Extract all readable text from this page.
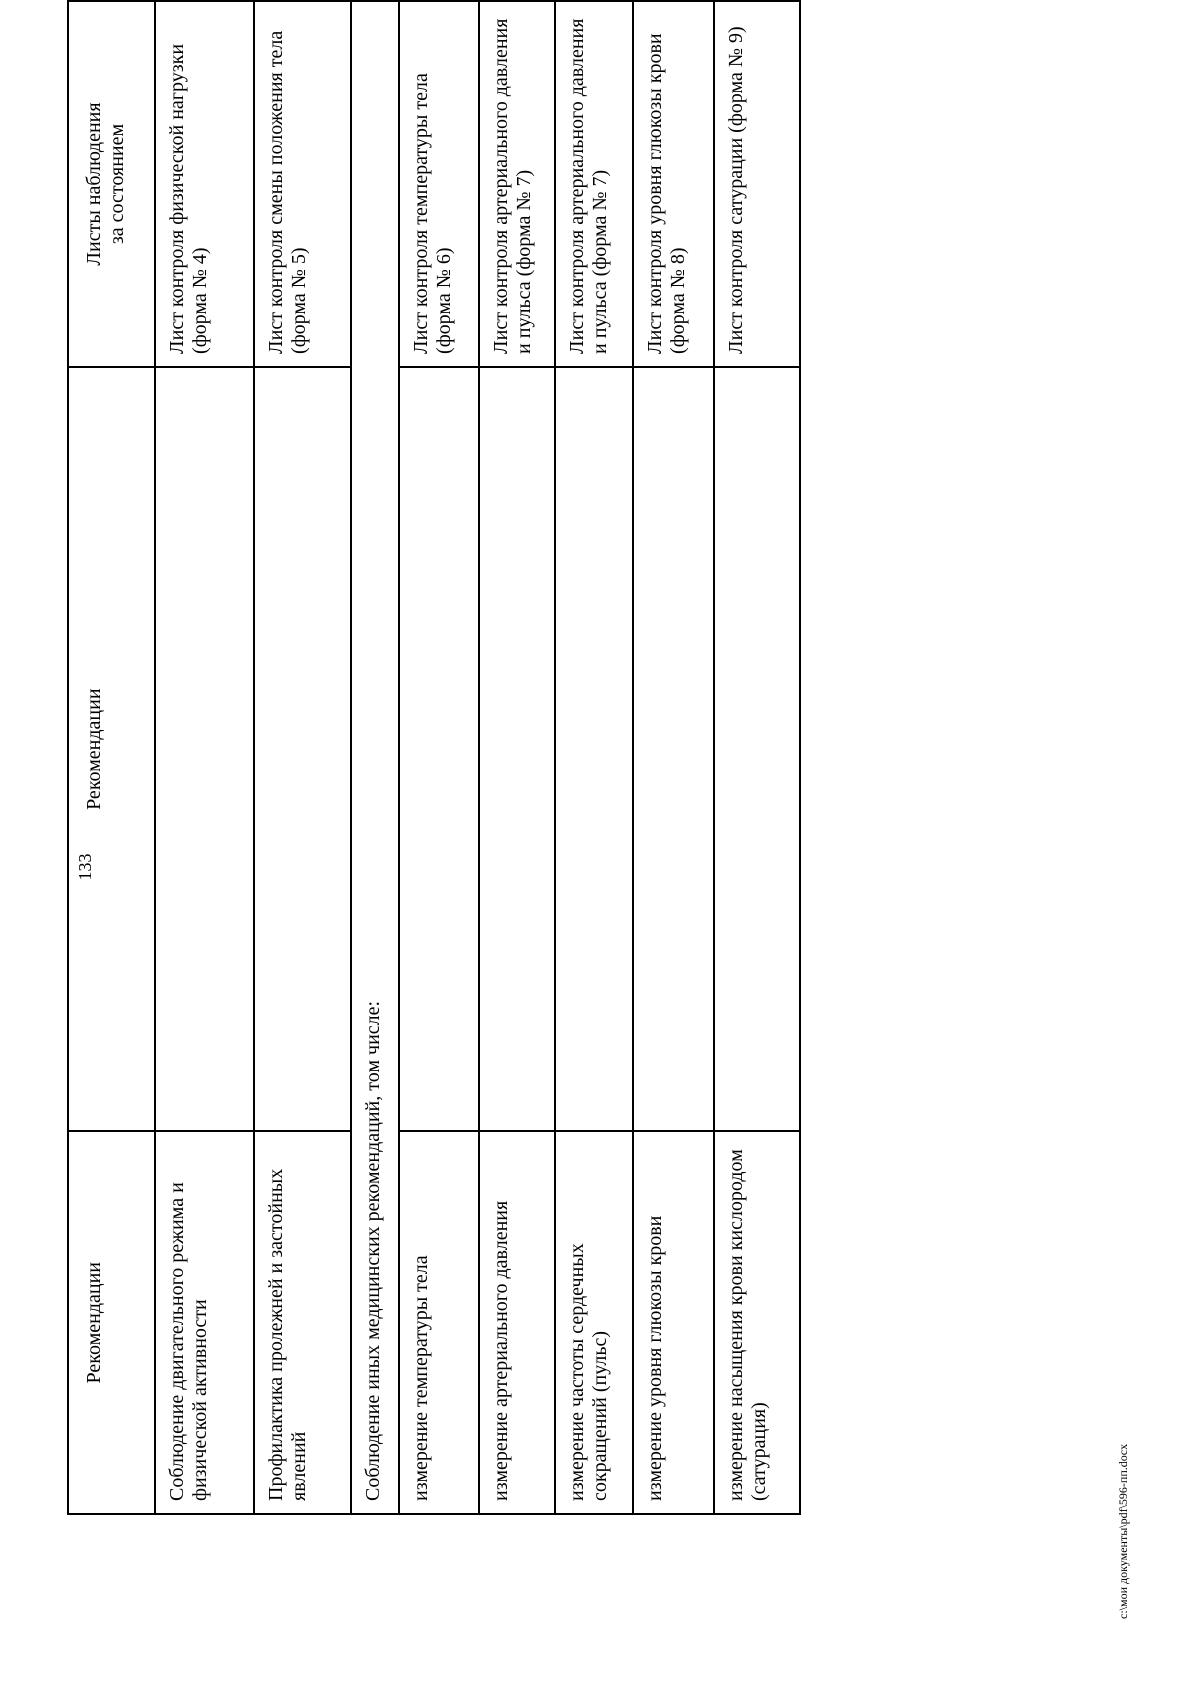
133
Рекомендации	Рекомендации	Листы наблюдения
за состоянием
Соблюдение двигательного режима и физической активности		Лист контроля физической нагрузки (форма № 4)
Профилактика пролежней и застойных явлений		Лист контроля смены положения тела (форма № 5)
Соблюдение иных медицинских рекомендаций, том числе:		
измерение температуры тела		Лист контроля температуры тела (форма № 6)
измерение артериального давления		Лист контроля артериального давления и пульса (форма № 7)
измерение частоты сердечных сокращений (пульс)		Лист контроля артериального давления и пульса (форма № 7)
измерение уровня глюкозы крови		Лист контроля уровня глюкозы крови (форма № 8)
измерение насыщения крови кислородом (сатурация)		Лист контроля сатурации (форма № 9)
c:\мои документы\pdf\596-пп.docx
